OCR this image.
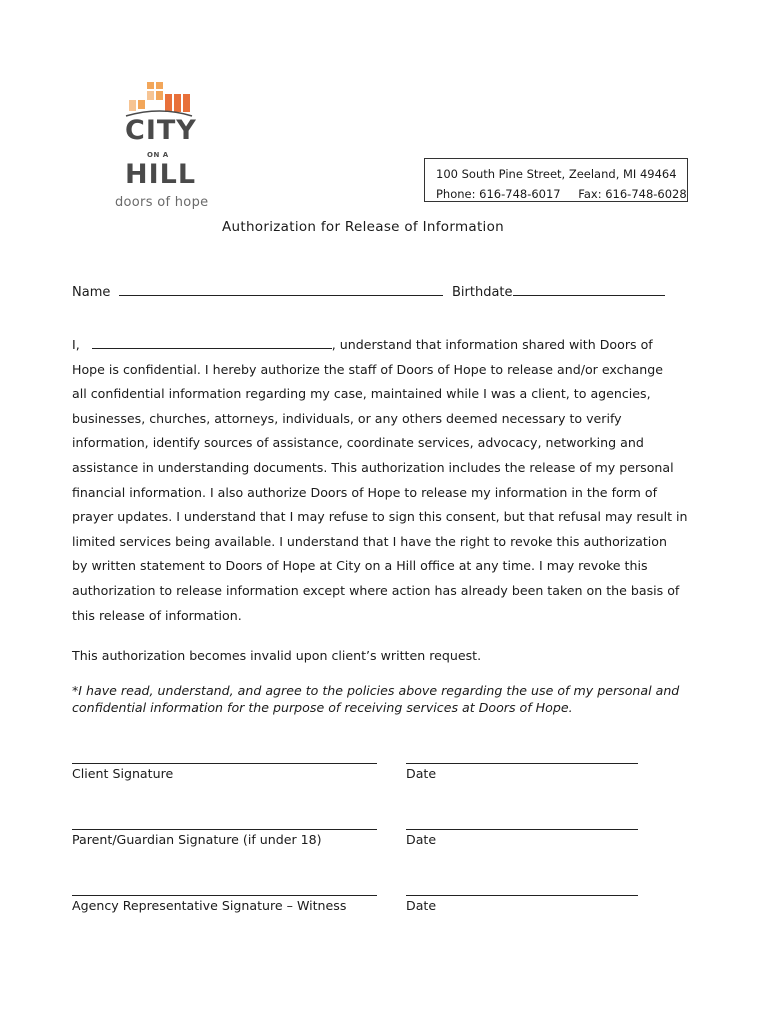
CITY
ON A
HILL
doors of hope
100 South Pine Street, Zeeland, MI 49464
Phone: 616-748-6017 Fax: 616-748-6028
Authorization for Release of Information
Name	Birthdate
I,	, understand that information shared with Doors of
Hope is confidential. I hereby authorize the staff of Doors of Hope to release and/or exchange
all confidential information regarding my case, maintained while I was a client, to agencies,
businesses, churches, attorneys, individuals, or any others deemed necessary to verify
information, identify sources of assistance, coordinate services, advocacy, networking and
assistance in understanding documents. This authorization includes the release of my personal
financial information. I also authorize Doors of Hope to release my information in the form of
prayer updates. I understand that I may refuse to sign this consent, but that refusal may result in
limited services being available. I understand that I have the right to revoke this authorization
by written statement to Doors of Hope at City on a Hill office at any time. I may revoke this
authorization to release information except where action has already been taken on the basis of
this release of information.
This authorization becomes invalid upon client’s written request.
*I have read, understand, and agree to the policies above regarding the use of my personal and
confidential information for the purpose of receiving services at Doors of Hope.
Client Signature	Date
Parent/Guardian Signature (if under 18)	Date
Agency Representative Signature – Witness	Date
